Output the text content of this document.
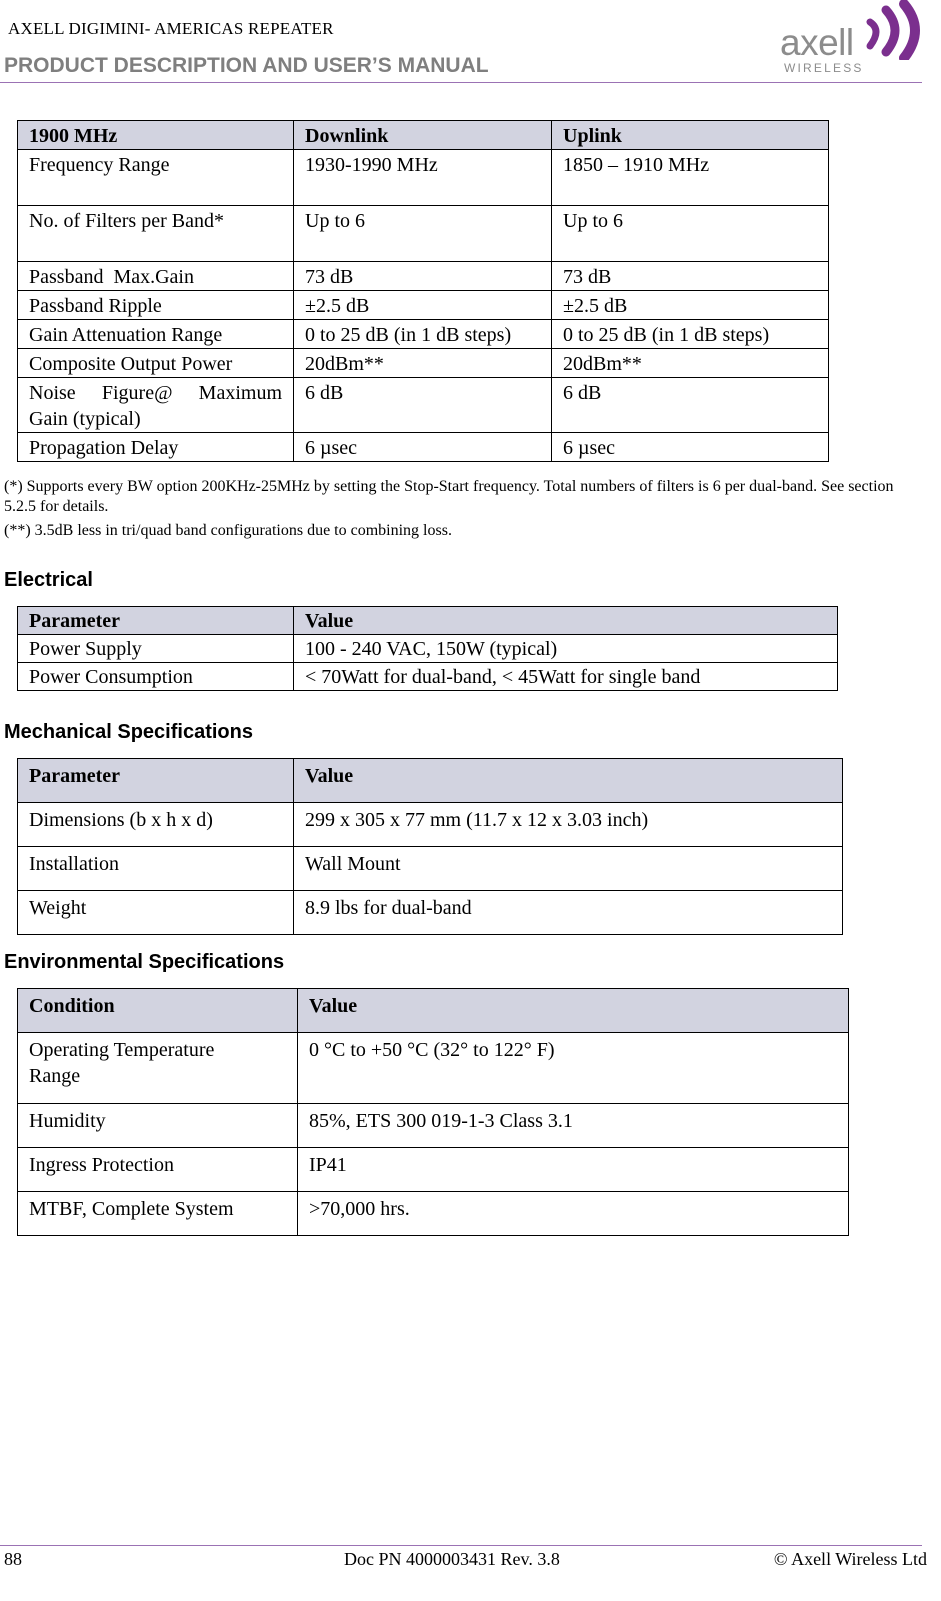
AXELL DIGIMINI- AMERICAS REPEATER
PRODUCT DESCRIPTION AND USER’S MANUAL
axell
WIRELESS
1900 MHz	Downlink	Uplink
Frequency Range	1930-1990 MHz	1850 – 1910 MHz
No. of Filters per Band*	Up to 6	Up to 6
Passband  Max.Gain	73 dB	73 dB
Passband Ripple	±2.5 dB	±2.5 dB
Gain Attenuation Range	0 to 25 dB (in 1 dB steps)	0 to 25 dB (in 1 dB steps)
Composite Output Power	20dBm**	20dBm**
Noise Figure@ Maximum Gain (typical)	6 dB	6 dB
Propagation Delay	6 µsec	6 µsec
(*) Supports every BW option 200KHz-25MHz by setting the Stop-Start frequency. Total numbers of filters is 6 per dual-band. See section 5.2.5 for details.
(**) 3.5dB less in tri/quad band configurations due to combining loss.
Electrical
Parameter	Value
Power Supply	100 - 240 VAC, 150W (typical)
Power Consumption	< 70Watt for dual-band, < 45Watt for single band
Mechanical Specifications
Parameter	Value
Dimensions (b x h x d)	299 x 305 x 77 mm (11.7 x 12 x 3.03 inch)
Installation	Wall Mount
Weight	8.9 lbs for dual-band
Environmental Specifications
Condition	Value
Operating Temperature Range	0 °C to +50 °C (32° to 122° F)
Humidity	85%, ETS 300 019-1-3 Class 3.1
Ingress Protection	IP41
MTBF, Complete System	>70,000 hrs.
88	Doc PN 4000003431 Rev. 3.8	© Axell Wireless Ltd
